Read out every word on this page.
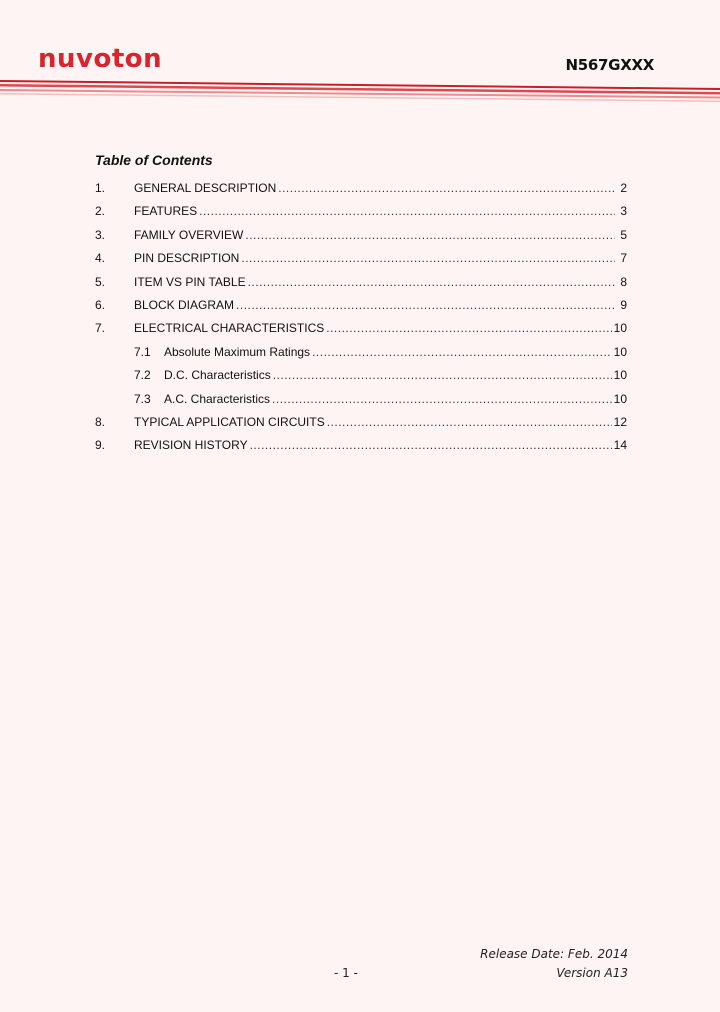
nuvoton	N567GXXX
Table of Contents
1.	GENERAL DESCRIPTION .....	2
2.	FEATURES .....	3
3.	FAMILY OVERVIEW .....	5
4.	PIN DESCRIPTION .....	7
5.	ITEM VS PIN TABLE .....	8
6.	BLOCK DIAGRAM .....	9
7.	ELECTRICAL CHARACTERISTICS .....	10
7.1	Absolute Maximum Ratings .....	10
7.2	D.C. Characteristics .....	10
7.3	A.C. Characteristics .....	10
8.	TYPICAL APPLICATION CIRCUITS .....	12
9.	REVISION HISTORY .....	14
Release Date: Feb. 2014
- 1 -	Version A13
